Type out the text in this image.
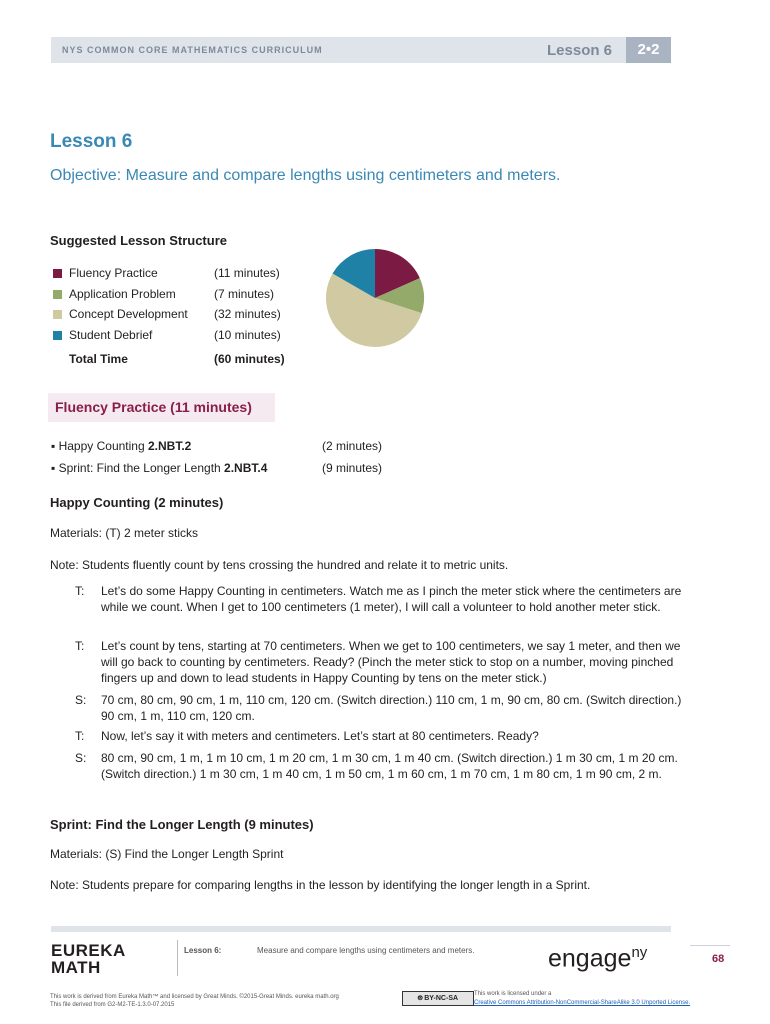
NYS COMMON CORE MATHEMATICS CURRICULUM	Lesson 6	2•2
Lesson 6
Objective: Measure and compare lengths using centimeters and meters.
Suggested Lesson Structure
Fluency Practice	(11 minutes)
Application Problem	(7 minutes)
Concept Development (32 minutes)
Student Debrief	(10 minutes)
Total Time	(60 minutes)
Fluency Practice (11 minutes)
▪ Happy Counting 2.NBT.2	(2 minutes)
▪ Sprint: Find the Longer Length 2.NBT.4	(9 minutes)
Happy Counting (2 minutes)
Materials: (T) 2 meter sticks
Note: Students fluently count by tens crossing the hundred and relate it to metric units.
T: Let’s do some Happy Counting in centimeters. Watch me as I pinch the meter stick where the centimeters are while we count. When I get to 100 centimeters (1 meter), I will call a volunteer to hold another meter stick.
T: Let’s count by tens, starting at 70 centimeters. When we get to 100 centimeters, we say 1 meter, and then we will go back to counting by centimeters. Ready? (Pinch the meter stick to stop on a number, moving pinched fingers up and down to lead students in Happy Counting by tens on the meter stick.)
S: 70 cm, 80 cm, 90 cm, 1 m, 110 cm, 120 cm. (Switch direction.) 110 cm, 1 m, 90 cm, 80 cm. (Switch direction.) 90 cm, 1 m, 110 cm, 120 cm.
T: Now, let’s say it with meters and centimeters. Let’s start at 80 centimeters. Ready?
S: 80 cm, 90 cm, 1 m, 1 m 10 cm, 1 m 20 cm, 1 m 30 cm, 1 m 40 cm. (Switch direction.) 1 m 30 cm, 1 m 20 cm. (Switch direction.) 1 m 30 cm, 1 m 40 cm, 1 m 50 cm, 1 m 60 cm, 1 m 70 cm, 1 m 80 cm, 1 m 90 cm, 2 m.
Sprint: Find the Longer Length (9 minutes)
Materials: (S) Find the Longer Length Sprint
Note: Students prepare for comparing lengths in the lesson by identifying the longer length in a Sprint.
EUREKA
MATH
Lesson 6:	Measure and compare lengths using centimeters and meters.	engage$^{ny}$	68
This work is derived from Eureka Math™ and licensed by Great Minds. ©2015-Great Minds. eureka math.org
This file derived from G2-M2-TE-1.3.0-07.2015
🅭 BY-NC-SA
This work is licensed under a
Creative Commons Attribution-NonCommercial-ShareAlike 3.0 Unported License.
